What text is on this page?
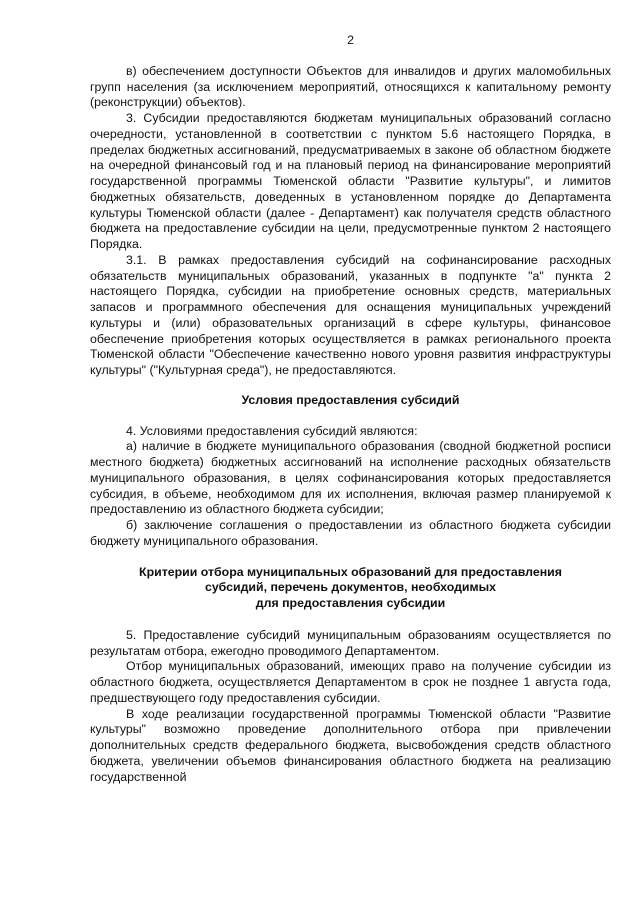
2

в) обеспечением доступности Объектов для инвалидов и других маломобильных групп населения (за исключением мероприятий, относящихся к капитальному ремонту (реконструкции) объектов).

3. Субсидии предоставляются бюджетам муниципальных образований согласно очередности, установленной в соответствии с пунктом 5.6 настоящего Порядка, в пределах бюджетных ассигнований, предусматриваемых в законе об областном бюджете на очередной финансовый год и на плановый период на финансирование мероприятий государственной программы Тюменской области "Развитие культуры", и лимитов бюджетных обязательств, доведенных в установленном порядке до Департамента культуры Тюменской области (далее - Департамент) как получателя средств областного бюджета на предоставление субсидии на цели, предусмотренные пунктом 2 настоящего Порядка.

3.1. В рамках предоставления субсидий на софинансирование расходных обязательств муниципальных образований, указанных в подпункте "а" пункта 2 настоящего Порядка, субсидии на приобретение основных средств, материальных запасов и программного обеспечения для оснащения муниципальных учреждений культуры и (или) образовательных организаций в сфере культуры, финансовое обеспечение приобретения которых осуществляется в рамках регионального проекта Тюменской области "Обеспечение качественно нового уровня развития инфраструктуры культуры" ("Культурная среда"), не предоставляются.

Условия предоставления субсидий

4. Условиями предоставления субсидий являются:

а) наличие в бюджете муниципального образования (сводной бюджетной росписи местного бюджета) бюджетных ассигнований на исполнение расходных обязательств муниципального образования, в целях софинансирования которых предоставляется субсидия, в объеме, необходимом для их исполнения, включая размер планируемой к предоставлению из областного бюджета субсидии;

б) заключение соглашения о предоставлении из областного бюджета субсидии бюджету муниципального образования.

Критерии отбора муниципальных образований для предоставления
субсидий, перечень документов, необходимых
для предоставления субсидии

5. Предоставление субсидий муниципальным образованиям осуществляется по результатам отбора, ежегодно проводимого Департаментом.

Отбор муниципальных образований, имеющих право на получение субсидии из областного бюджета, осуществляется Департаментом в срок не позднее 1 августа года, предшествующего году предоставления субсидии.

В ходе реализации государственной программы Тюменской области "Развитие культуры" возможно проведение дополнительного отбора при привлечении дополнительных средств федерального бюджета, высвобождения средств областного бюджета, увеличении объемов финансирования областного бюджета на реализацию государственной
